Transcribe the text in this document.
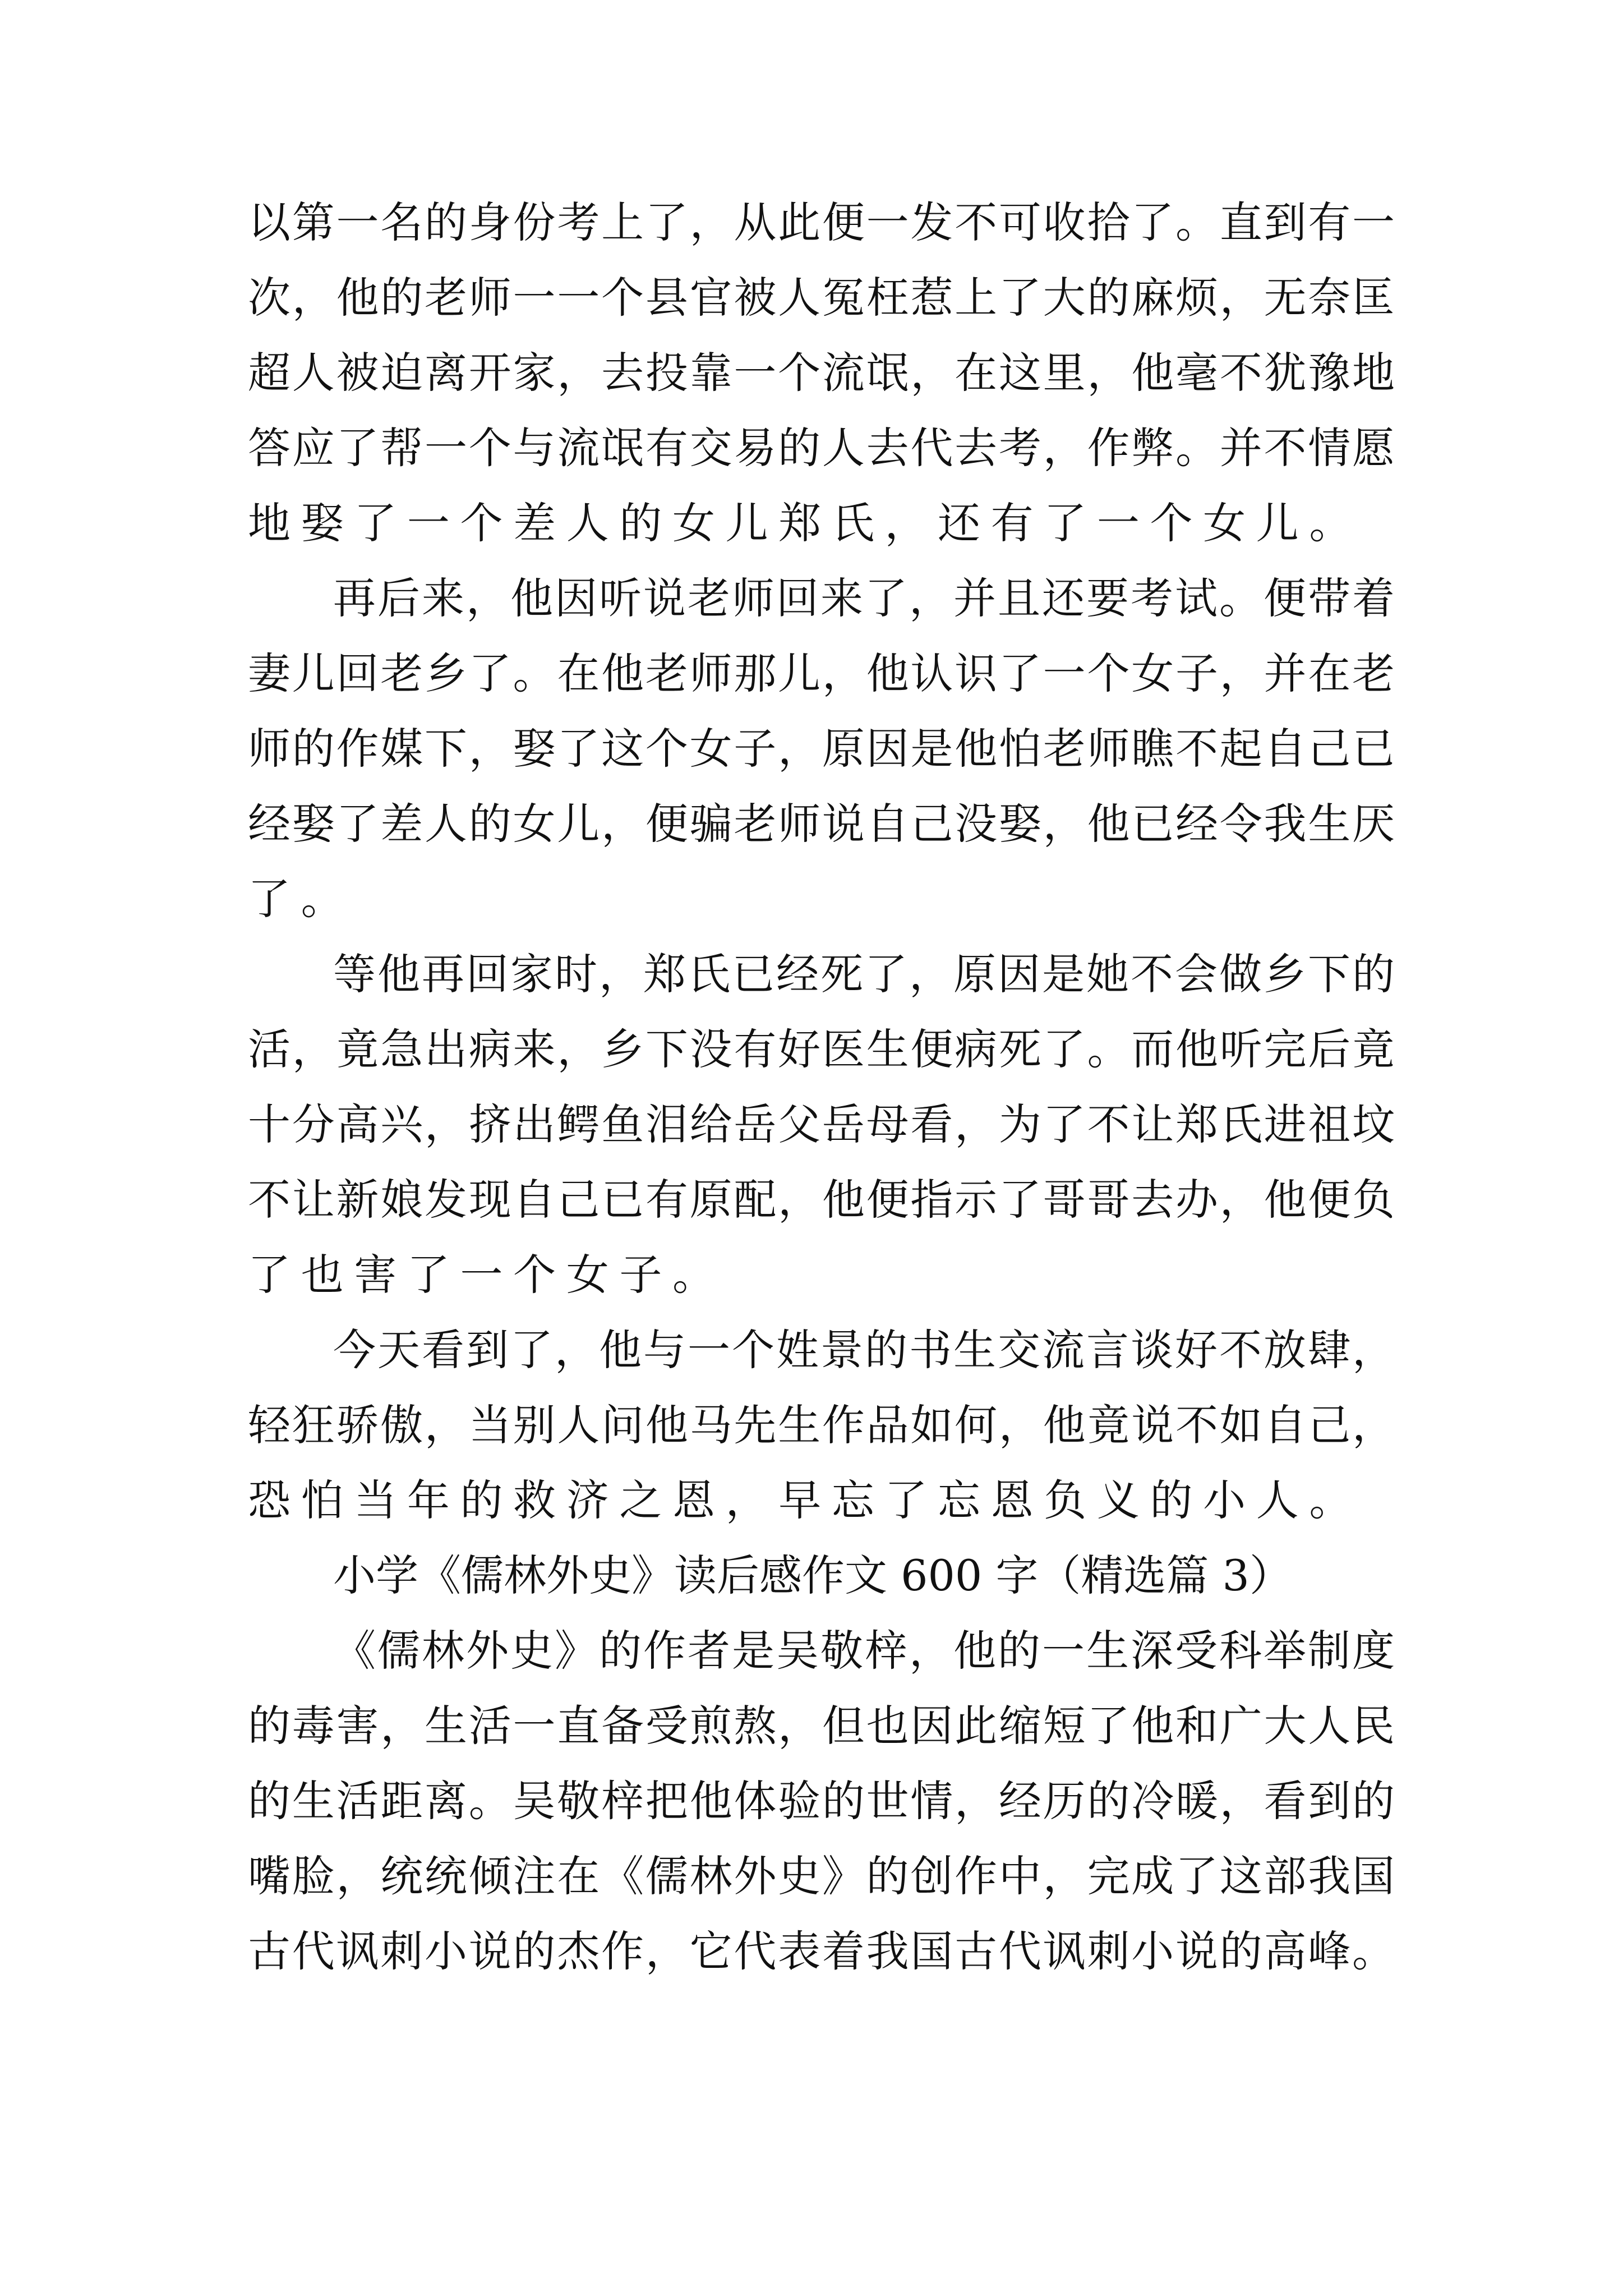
以第一名的身份考上了，从此便一发不可收拾了。直到有一
次，他的老师一一个县官被人冤枉惹上了大的麻烦，无奈匡
超人被迫离开家，去投靠一个流氓，在这里，他毫不犹豫地
答应了帮一个与流氓有交易的人去代去考，作弊。并不情愿
地娶了一个差人的女儿郑氏，还有了一个女儿。
再后来，他因听说老师回来了，并且还要考试。便带着
妻儿回老乡了。在他老师那儿，他认识了一个女子，并在老
师的作媒下，娶了这个女子，原因是他怕老师瞧不起自己已
经娶了差人的女儿，便骗老师说自己没娶，他已经令我生厌
了。
等他再回家时，郑氏已经死了，原因是她不会做乡下的
活，竟急出病来，乡下没有好医生便病死了。而他听完后竟
十分高兴，挤出鳄鱼泪给岳父岳母看，为了不让郑氏进祖坟
不让新娘发现自己已有原配，他便指示了哥哥去办，他便负
了也害了一个女子。
今天看到了，他与一个姓景的书生交流言谈好不放肆，
轻狂骄傲，当别人问他马先生作品如何，他竟说不如自己，
恐怕当年的救济之恩，早忘了忘恩负义的小人。
小学《儒林外史》读后感作文 600 字（精选篇 3）
《儒林外史》的作者是吴敬梓，他的一生深受科举制度
的毒害，生活一直备受煎熬，但也因此缩短了他和广大人民
的生活距离。吴敬梓把他体验的世情，经历的冷暖，看到的
嘴脸，统统倾注在《儒林外史》的创作中，完成了这部我国
古代讽刺小说的杰作，它代表着我国古代讽刺小说的高峰。
